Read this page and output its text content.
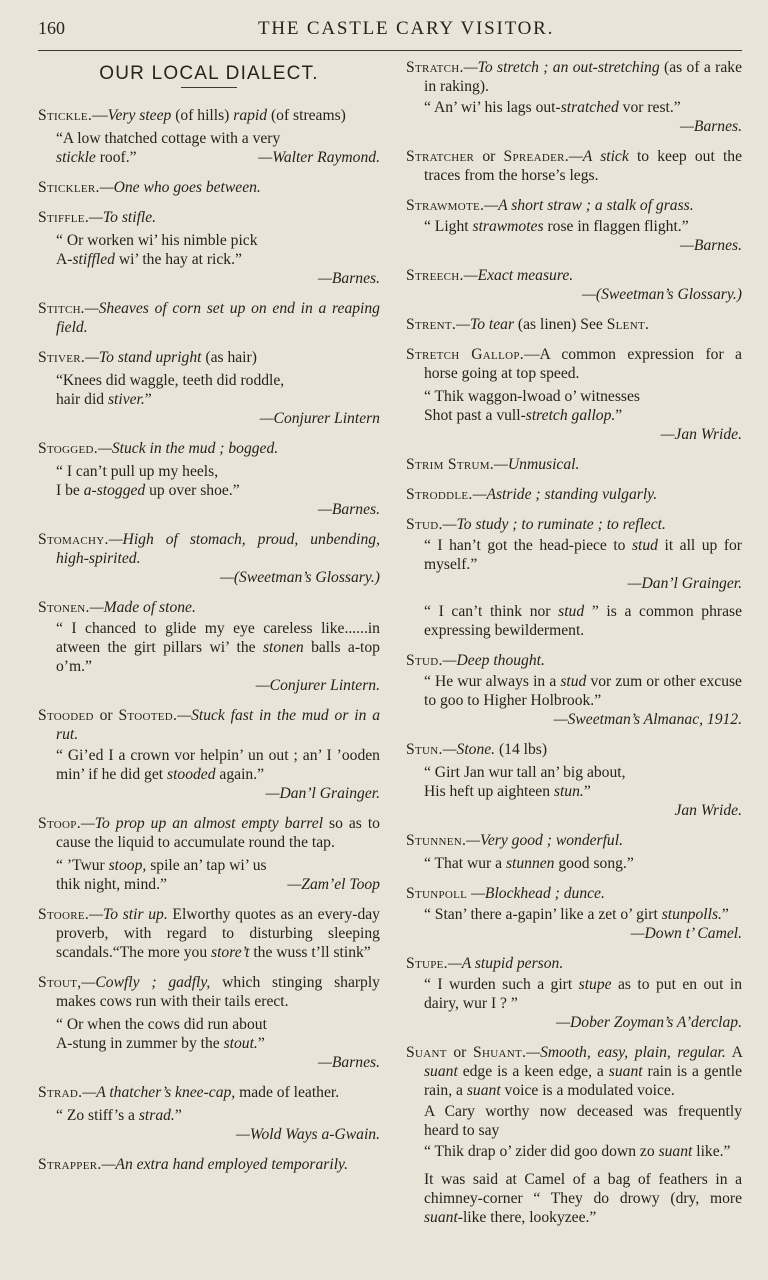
160	THE CASTLE CARY VISITOR.
OUR LOCAL DIALECT.
Stickle.—Very steep (of hills) rapid (of streams)
“A low thatched cottage with a very
stickle roof.”	—Walter Raymond.
Stickler.—One who goes between.
Stiffle.—To stifle.
“ Or worken wi’ his nimble pick
A-stiffled wi’ the hay at rick.”
—Barnes.
Stitch.—Sheaves of corn set up on end in a reaping field.
Stiver.—To stand upright (as hair)
“Knees did waggle, teeth did roddle,
hair did stiver.”
—Conjurer Lintern
Stogged.—Stuck in the mud ; bogged.
“ I can’t pull up my heels,
I be a-stogged up over shoe.”
—Barnes.
Stomachy.—High of stomach, proud, unbending, high-spirited.
—(Sweetman’s Glossary.)
Stonen.—Made of stone.
“ I chanced to glide my eye careless like......in atween the girt pillars wi’ the stonen balls a-top o’m.”
—Conjurer Lintern.
Stooded or Stooted.—Stuck fast in the mud or in a rut.
“ Gi’ed I a crown vor helpin’ un out ; an’ I ’ooden min’ if he did get stooded again.”
—Dan’l Grainger.
Stoop.—To prop up an almost empty barrel so as to cause the liquid to accumulate round the tap.
“ ’Twur stoop, spile an’ tap wi’ us
thik night, mind.”	—Zam’el Toop
Stoore.—To stir up. Elworthy quotes as an every-day proverb, with regard to disturbing sleeping scandals.“The more you store’t the wuss t’ll stink”
Stout,—Cowfly ; gadfly, which stinging sharply makes cows run with their tails erect.
“ Or when the cows did run about
A-stung in zummer by the stout.”
—Barnes.
Strad.—A thatcher’s knee-cap, made of leather.
“ Zo stiff’s a strad.”
—Wold Ways a-Gwain.
Strapper.—An extra hand employed temporarily.
Stratch.—To stretch ; an out-stretching (as of a rake in raking).
“ An’ wi’ his lags out-stratched vor rest.”
—Barnes.
Stratcher or Spreader.—A stick to keep out the traces from the horse’s legs.
Strawmote.—A short straw ; a stalk of grass.
“ Light strawmotes rose in flaggen flight.”
—Barnes.
Streech.—Exact measure.
—(Sweetman’s Glossary.)
Strent.—To tear (as linen) See Slent.
Stretch Gallop.—A common expression for a horse going at top speed.
“ Thik waggon-lwoad o’ witnesses
Shot past a vull-stretch gallop.”
—Jan Wride.
Strim Strum.—Unmusical.
Stroddle.—Astride ; standing vulgarly.
Stud.—To study ; to ruminate ; to reflect.
“ I han’t got the head-piece to stud it all up for myself.”
—Dan’l Grainger.
“ I can’t think nor stud ” is a common phrase expressing bewilderment.
Stud.—Deep thought.
“ He wur always in a stud vor zum or other excuse to goo to Higher Holbrook.”
—Sweetman’s Almanac, 1912.
Stun.—Stone. (14 lbs)
“ Girt Jan wur tall an’ big about,
His heft up aighteen stun.”
Jan Wride.
Stunnen.—Very good ; wonderful.
“ That wur a stunnen good song.”
Stunpoll —Blockhead ; dunce.
“ Stan’ there a-gapin’ like a zet o’ girt stunpolls.”
—Down t’ Camel.
Stupe.—A stupid person.
“ I wurden such a girt stupe as to put en out in dairy, wur I ? ”
—Dober Zoyman’s A’derclap.
Suant or Shuant.—Smooth, easy, plain, regular. A suant edge is a keen edge, a suant rain is a gentle rain, a suant voice is a modulated voice.
A Cary worthy now deceased was frequently heard to say
“ Thik drap o’ zider did goo down zo suant like.”
It was said at Camel of a bag of feathers in a chimney-corner “ They do drowy (dry, more suant-like there, lookyzee.”
